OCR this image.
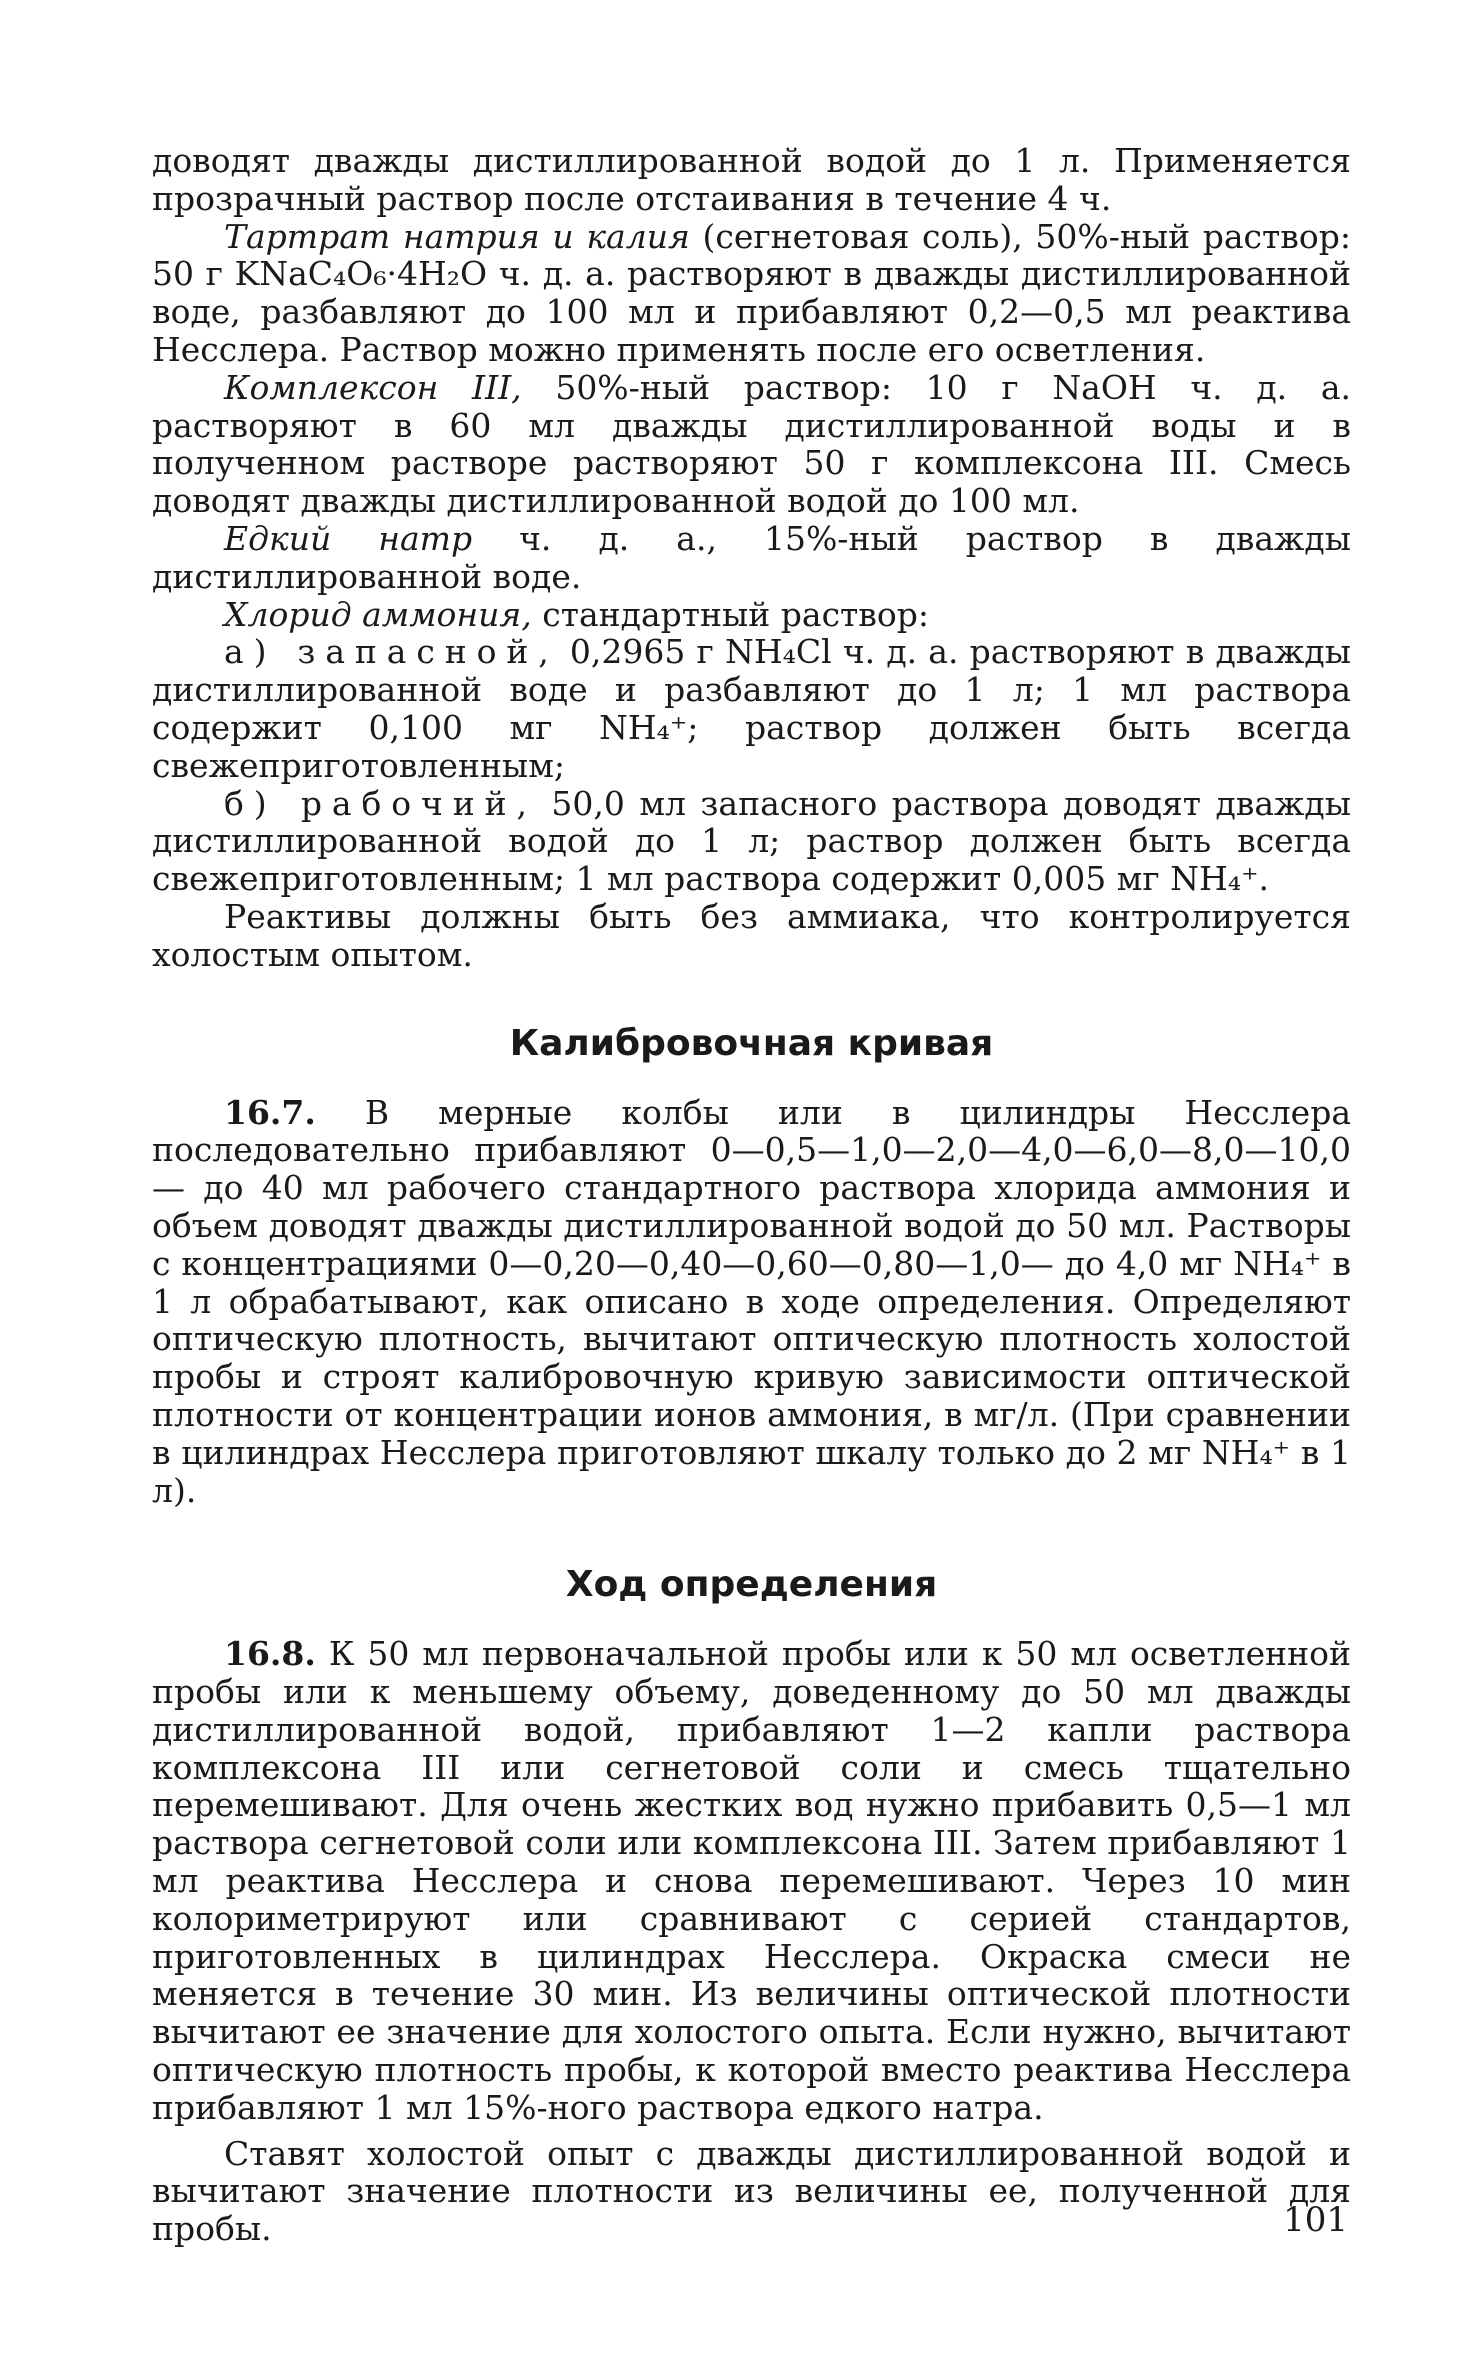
доводят дважды дистиллированной водой до 1 л. Применяется прозрачный раствор после отстаивания в течение 4 ч.

Тартрат натрия и калия (сегнетовая соль), 50%-ный раствор: 50 г KNaC₄O₆·4H₂O ч. д. а. растворяют в дважды дистиллированной воде, разбавляют до 100 мл и прибавляют 0,2—0,5 мл реактива Несслера. Раствор можно применять после его осветления.

Комплексон III, 50%-ный раствор: 10 г NaOH ч. д. а. растворяют в 60 мл дважды дистиллированной воды и в полученном растворе растворяют 50 г комплексона III. Смесь доводят дважды дистиллированной водой до 100 мл.

Едкий натр ч. д. а., 15%-ный раствор в дважды дистиллированной воде.

Хлорид аммония, стандартный раствор:

а) запасной, 0,2965 г NH₄Cl ч. д. а. растворяют в дважды дистиллированной воде и разбавляют до 1 л; 1 мл раствора содержит 0,100 мг NH₄⁺; раствор должен быть всегда свежеприготовленным;

б) рабочий, 50,0 мл запасного раствора доводят дважды дистиллированной водой до 1 л; раствор должен быть всегда свежеприготовленным; 1 мл раствора содержит 0,005 мг NH₄⁺.

Реактивы должны быть без аммиака, что контролируется холостым опытом.

Калибровочная кривая

16.7. В мерные колбы или в цилиндры Несслера последовательно прибавляют 0—0,5—1,0—2,0—4,0—6,0—8,0—10,0— до 40 мл рабочего стандартного раствора хлорида аммония и объем доводят дважды дистиллированной водой до 50 мл. Растворы с концентрациями 0—0,20—0,40—0,60—0,80—1,0— до 4,0 мг NH₄⁺ в 1 л обрабатывают, как описано в ходе определения. Определяют оптическую плотность, вычитают оптическую плотность холостой пробы и строят калибровочную кривую зависимости оптической плотности от концентрации ионов аммония, в мг/л. (При сравнении в цилиндрах Несслера приготовляют шкалу только до 2 мг NH₄⁺ в 1 л).

Ход определения

16.8. К 50 мл первоначальной пробы или к 50 мл осветленной пробы или к меньшему объему, доведенному до 50 мл дважды дистиллированной водой, прибавляют 1—2 капли раствора комплексона III или сегнетовой соли и смесь тщательно перемешивают. Для очень жестких вод нужно прибавить 0,5—1 мл раствора сегнетовой соли или комплексона III. Затем прибавляют 1 мл реактива Несслера и снова перемешивают. Через 10 мин колориметрируют или сравнивают с серией стандартов, приготовленных в цилиндрах Несслера. Окраска смеси не меняется в течение 30 мин. Из величины оптической плотности вычитают ее значение для холостого опыта. Если нужно, вычитают оптическую плотность пробы, к которой вместо реактива Несслера прибавляют 1 мл 15%-ного раствора едкого натра.

Ставят холостой опыт с дважды дистиллированной водой и вычитают значение плотности из величины ее, полученной для пробы.	101
